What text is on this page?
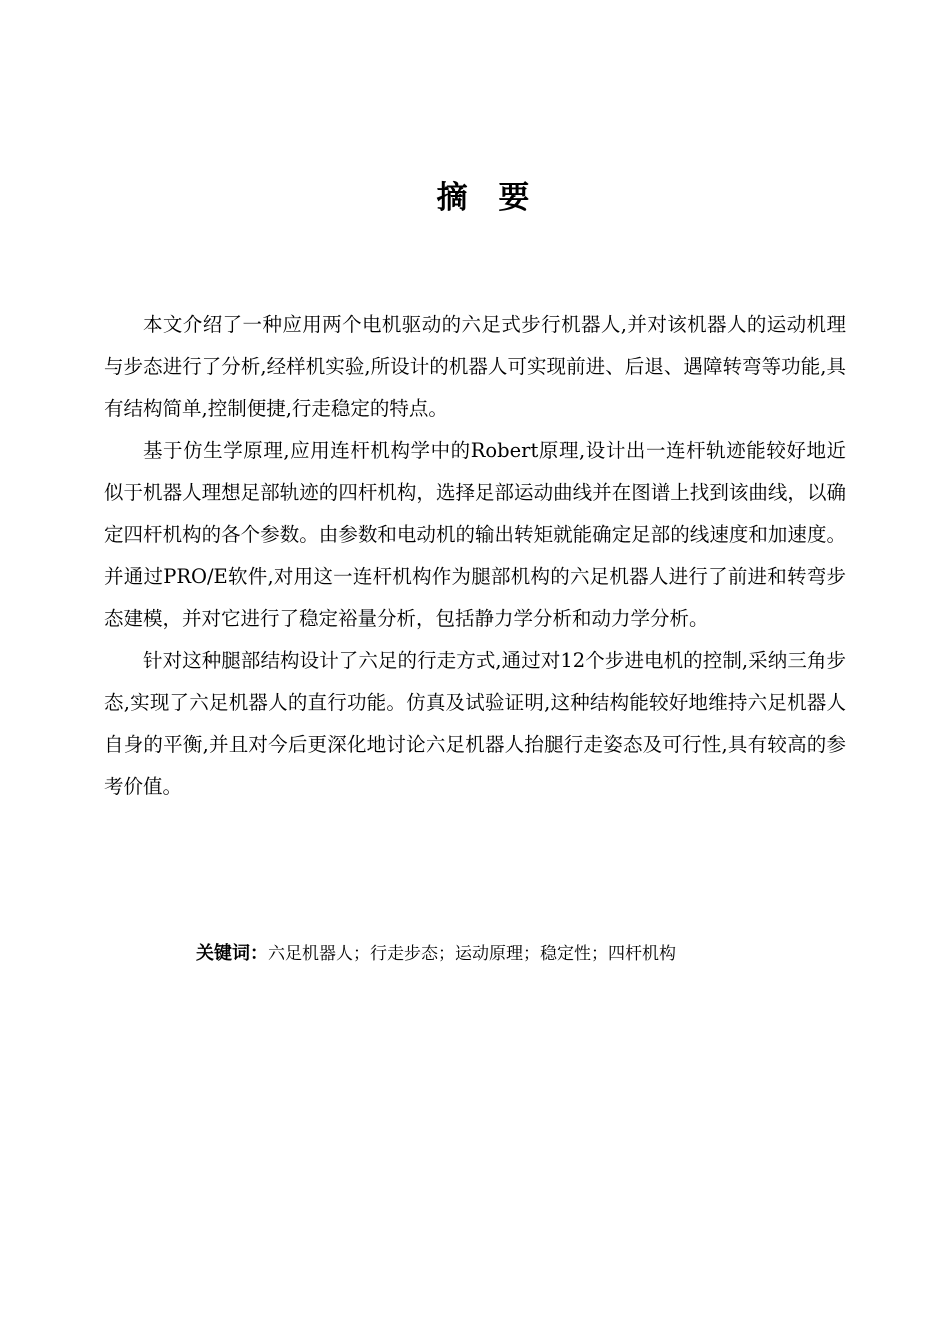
摘 要

本文介绍了一种应用两个电机驱动的六足式步行机器人,并对该机器人的运动机理与步态进行了分析,经样机实验,所设计的机器人可实现前进、后退、遇障转弯等功能,具有结构简单,控制便捷,行走稳定的特点。

基于仿生学原理,应用连杆机构学中的Robert原理,设计出一连杆轨迹能较好地近似于机器人理想足部轨迹的四杆机构，选择足部运动曲线并在图谱上找到该曲线，以确定四杆机构的各个参数。由参数和电动机的输出转矩就能确定足部的线速度和加速度。并通过PRO/E软件,对用这一连杆机构作为腿部机构的六足机器人进行了前进和转弯步态建模，并对它进行了稳定裕量分析，包括静力学分析和动力学分析。

针对这种腿部结构设计了六足的行走方式,通过对12个步进电机的控制,采纳三角步态,实现了六足机器人的直行功能。仿真及试验证明,这种结构能较好地维持六足机器人自身的平衡,并且对今后更深化地讨论六足机器人抬腿行走姿态及可行性,具有较高的参考价值。

关键词：六足机器人；行走步态；运动原理；稳定性；四杆机构
